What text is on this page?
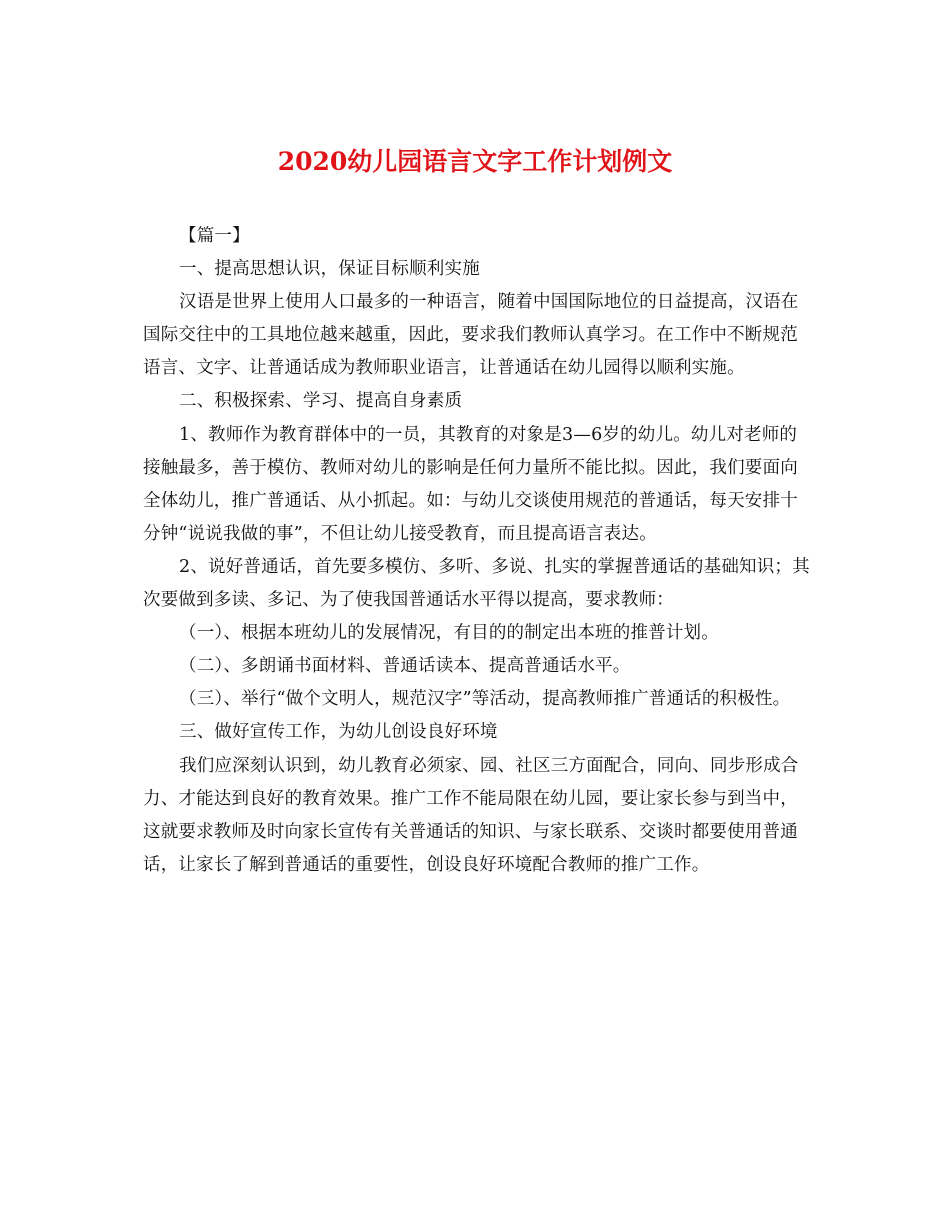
2020幼儿园语言文字工作计划例文

【篇一】

一、提高思想认识，保证目标顺利实施

汉语是世界上使用人口最多的一种语言，随着中国国际地位的日益提高，汉语在国际交往中的工具地位越来越重，因此，要求我们教师认真学习。在工作中不断规范语言、文字、让普通话成为教师职业语言，让普通话在幼儿园得以顺利实施。

二、积极探索、学习、提高自身素质

1、教师作为教育群体中的一员，其教育的对象是3—6岁的幼儿。幼儿对老师的接触最多，善于模仿、教师对幼儿的影响是任何力量所不能比拟。因此，我们要面向全体幼儿，推广普通话、从小抓起。如：与幼儿交谈使用规范的普通话，每天安排十分钟“说说我做的事”，不但让幼儿接受教育，而且提高语言表达。

2、说好普通话，首先要多模仿、多听、多说、扎实的掌握普通话的基础知识；其次要做到多读、多记、为了使我国普通话水平得以提高，要求教师：

（一）、根据本班幼儿的发展情况，有目的的制定出本班的推普计划。

（二）、多朗诵书面材料、普通话读本、提高普通话水平。

（三）、举行“做个文明人，规范汉字”等活动，提高教师推广普通话的积极性。

三、做好宣传工作，为幼儿创设良好环境

我们应深刻认识到，幼儿教育必须家、园、社区三方面配合，同向、同步形成合力、才能达到良好的教育效果。推广工作不能局限在幼儿园，要让家长参与到当中，这就要求教师及时向家长宣传有关普通话的知识、与家长联系、交谈时都要使用普通话，让家长了解到普通话的重要性，创设良好环境配合教师的推广工作。
